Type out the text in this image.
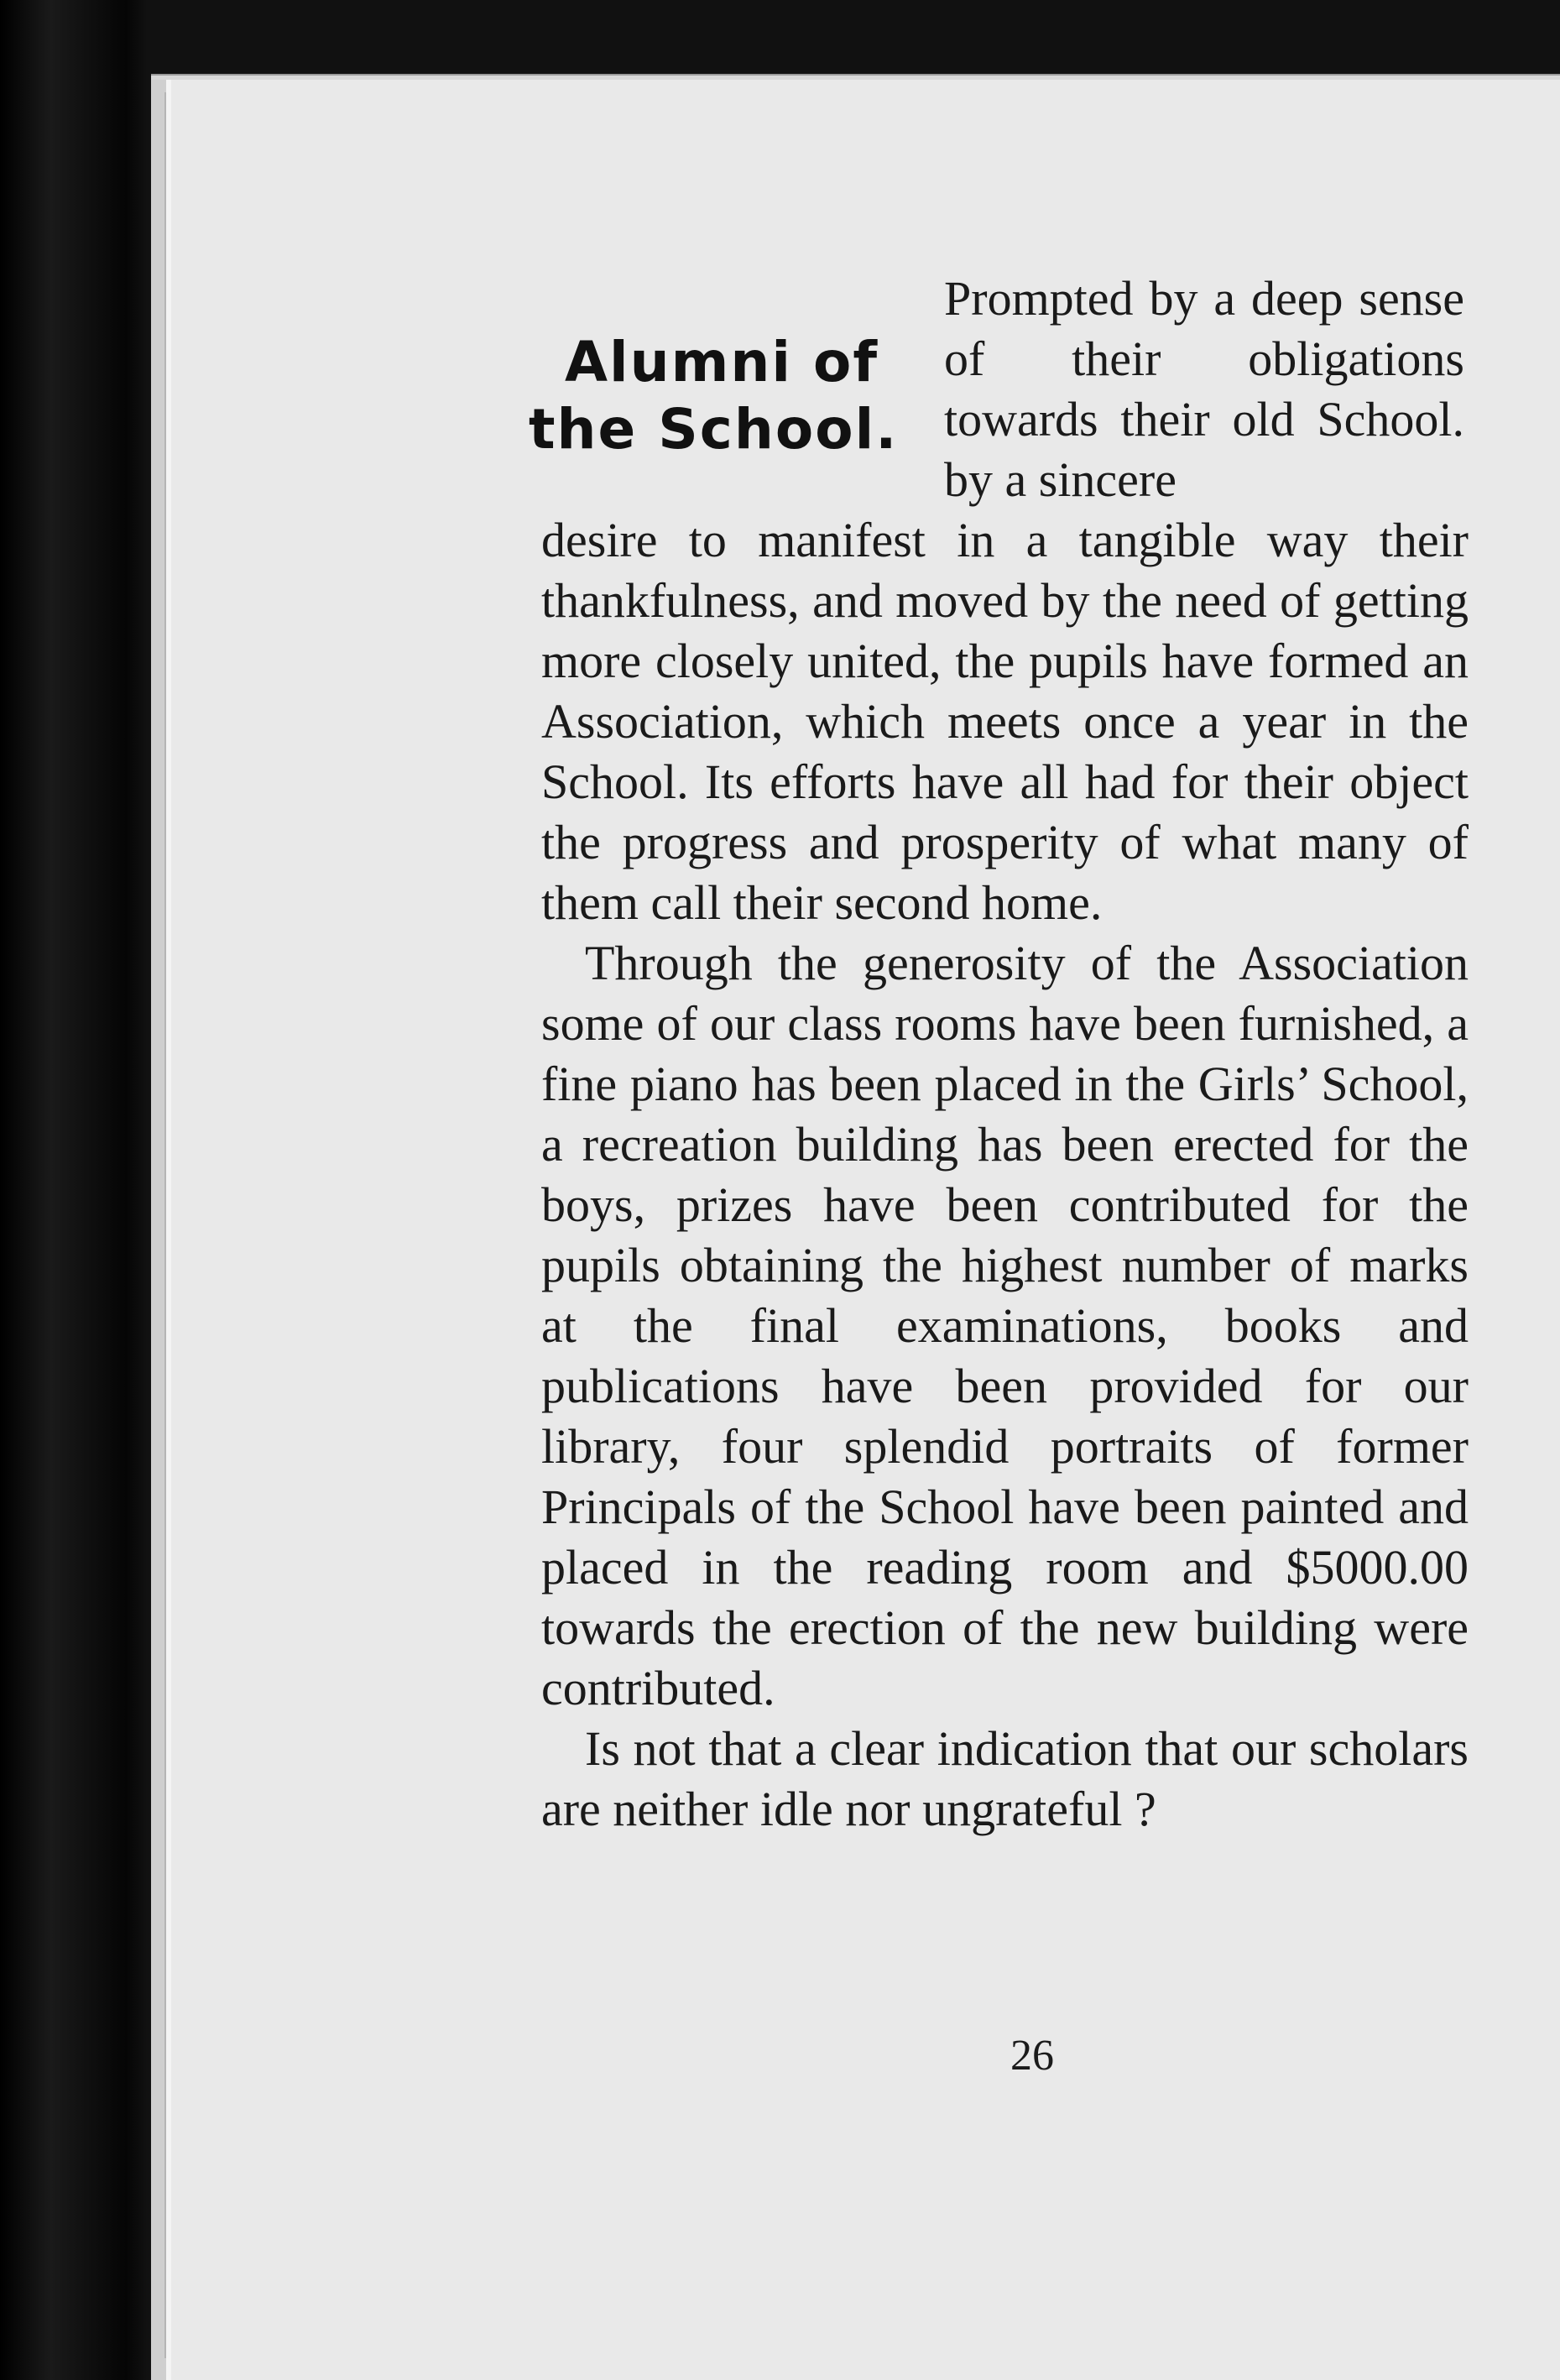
Alumni of

the School.
Prompted by a deep sense of their obligations towards their old School. by a sincere

desire to manifest in a tangible way their thankfulness, and moved by the need of getting more closely united, the pupils have formed an Association, which meets once a year in the School. Its efforts have all had for their object the progress and prosperity of what many of them call their second home.

Through the generosity of the Association some of our class rooms have been furnished, a fine piano has been placed in the Girls’ School, a recreation building has been erected for the boys, prizes have been contributed for the pupils obtaining the highest number of marks at the final examinations, books and publications have been provided for our library, four splendid portraits of former Principals of the School have been painted and placed in the reading room and $5000.00 towards the erection of the new building were contributed.

Is not that a clear indication that our scholars are neither idle nor ungrateful ?

26
